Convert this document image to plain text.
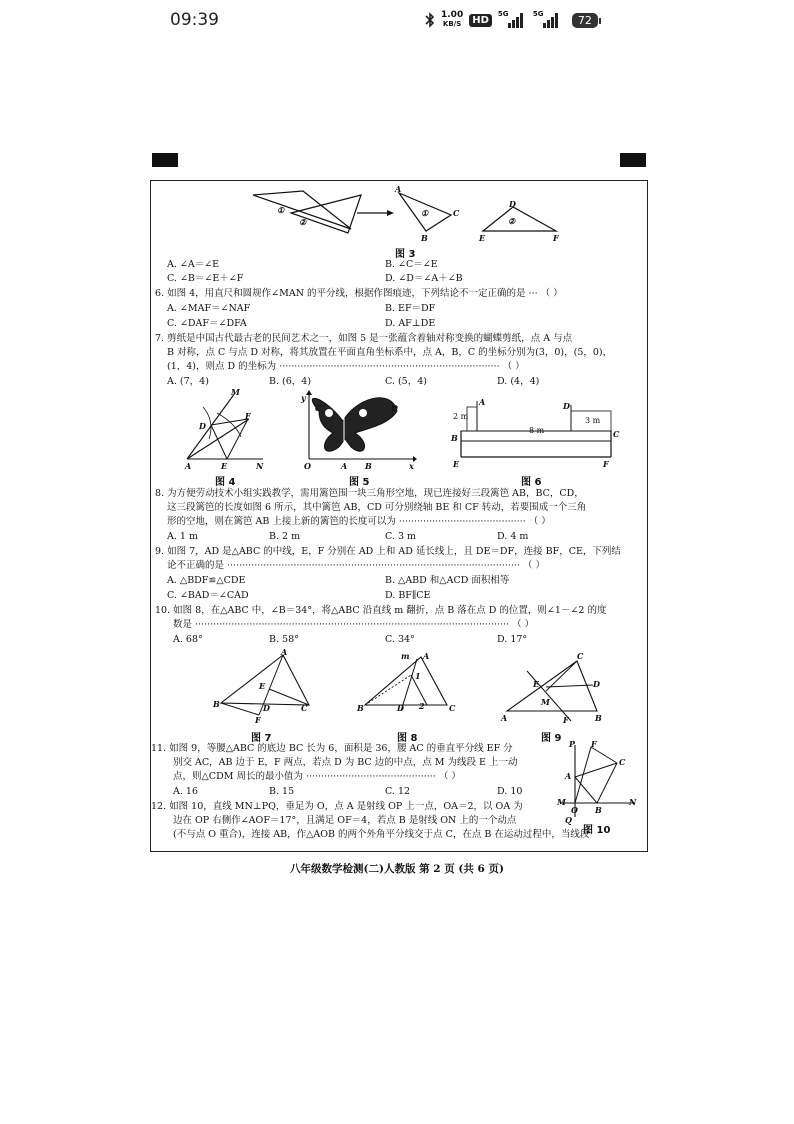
09:39	1.00
KB/S	HD
5G	5G	72
①
②
A
C
B
①
D
②
E	F
图 3
A. ∠A＝∠E	B. ∠C＝∠E
C. ∠B＝∠E＋∠F	D. ∠D＝∠A＋∠B
6. 如图 4，用直尺和圆规作∠MAN 的平分线，根据作图痕迹，下列结论不一定正确的是 ··· （ ）
A. ∠MAF＝∠NAF	B. EF＝DF
C. ∠DAF＝∠DFA	D. AF⊥DE
7. 剪纸是中国古代最古老的民间艺术之一，如图 5 是一张蕴含着轴对称变换的蝴蝶剪纸，点 A 与点
B 对称，点 C 与点 D 对称，将其放置在平面直角坐标系中，点 A，B，C 的坐标分别为(3，0)，(5，0)，
(1，4)，则点 D 的坐标为 ········································································· （ ）
A. (7，4)	B. (6，4)	C. (5，4)	D. (4，4)
M
F
D
A	E	N
图 4
C	D
O	A B	x
y
图 5
A
B
E
D
C
F
2 m
8 m
3 m
图 6
8. 为方便劳动技术小组实践教学，需用篱笆围一块三角形空地，现已连接好三段篱笆 AB，BC，CD，
这三段篱笆的长度如图 6 所示，其中篱笆 AB，CD 可分别绕轴 BE 和 CF 转动，若要围成一个三角
形的空地，则在篱笆 AB 上接上新的篱笆的长度可以为 ·········································· （ ）
A. 1 m	B. 2 m	C. 3 m	D. 4 m
9. 如图 7，AD 是△ABC 的中线，E，F 分别在 AD 上和 AD 延长线上，且 DE＝DF，连接 BF，CE，下列结
论不正确的是 ································································································· （ ）
A. △BDF≌△CDE	B. △ABD 和△ACD 面积相等
C. ∠BAD＝∠CAD	D. BF∥CE
10. 如图 8，在△ABC 中，∠B＝34°，将△ABC 沿直线 m 翻折，点 B 落在点 D 的位置，则∠1－∠2 的度
数是 ········································································································ （ ）
A. 68°	B. 58°	C. 34°	D. 17°
A
E
B	D	C
F
图 7
m A
1
2
D
B	C
图 8
C
E	D
M
A	F	B
图 9
11. 如图 9，等腰△ABC 的底边 BC 长为 6，面积是 36，腰 AC 的垂直平分线 EF 分
别交 AC，AB 边于 E，F 两点，若点 D 为 BC 边的中点，点 M 为线段 E 上一动
点，则△CDM 周长的最小值为 ··········································· （ ）
A. 16	B. 15	C. 12	D. 10
12. 如图 10，直线 MN⊥PQ，垂足为 O，点 A 是射线 OP 上一点，OA＝2，以 OA 为
边在 OP 右侧作∠AOF＝17°，且满足 OF＝4，若点 B 是射线 ON 上的一个动点
(不与点 O 重合)，连接 AB，作△AOB 的两个外角平分线交于点 C，在点 B 在运动过程中，当线段
P F
C
A
M
O B
N
Q
图 10
八年级数学检测(二)人教版 第 2 页 (共 6 页)
